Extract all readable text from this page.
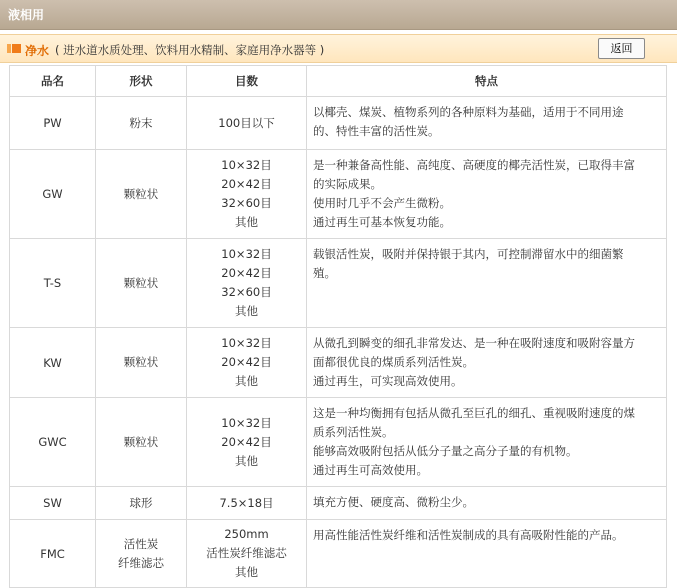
液相用
净水 ( 进水道水质处理、饮料用水精制、家庭用净水器等 )	返回
品名	形状	目数	特点
PW	粉末	100目以下	以椰壳、煤炭、植物系列的各种原料为基础，适用于不同用途
的、特性丰富的活性炭。

GW	颗粒状	10×32目
20×42目
32×60目
其他	是一种兼备高性能、高纯度、高硬度的椰壳活性炭，已取得丰富
的实际成果。
使用时几乎不会产生微粉。
通过再生可基本恢复功能。

T-S	颗粒状	10×32目
20×42目
32×60目
其他	载银活性炭，吸附并保持银于其内，可控制滞留水中的细菌繁
殖。

KW	颗粒状	10×32目
20×42目
其他	从微孔到瞬变的细孔非常发达、是一种在吸附速度和吸附容量方
面都很优良的煤质系列活性炭。
通过再生，可实现高效使用。

GWC	颗粒状	10×32目
20×42目
其他	这是一种均衡拥有包括从微孔至巨孔的细孔、重视吸附速度的煤
质系列活性炭。
能够高效吸附包括从低分子量之高分子量的有机物。
通过再生可高效使用。

SW	球形	7.5×18目	填充方便、硬度高、微粉尘少。

FMC	活性炭
纤维滤芯	250mm
活性炭纤维滤芯
其他	用高性能活性炭纤维和活性炭制成的具有高吸附性能的产品。
